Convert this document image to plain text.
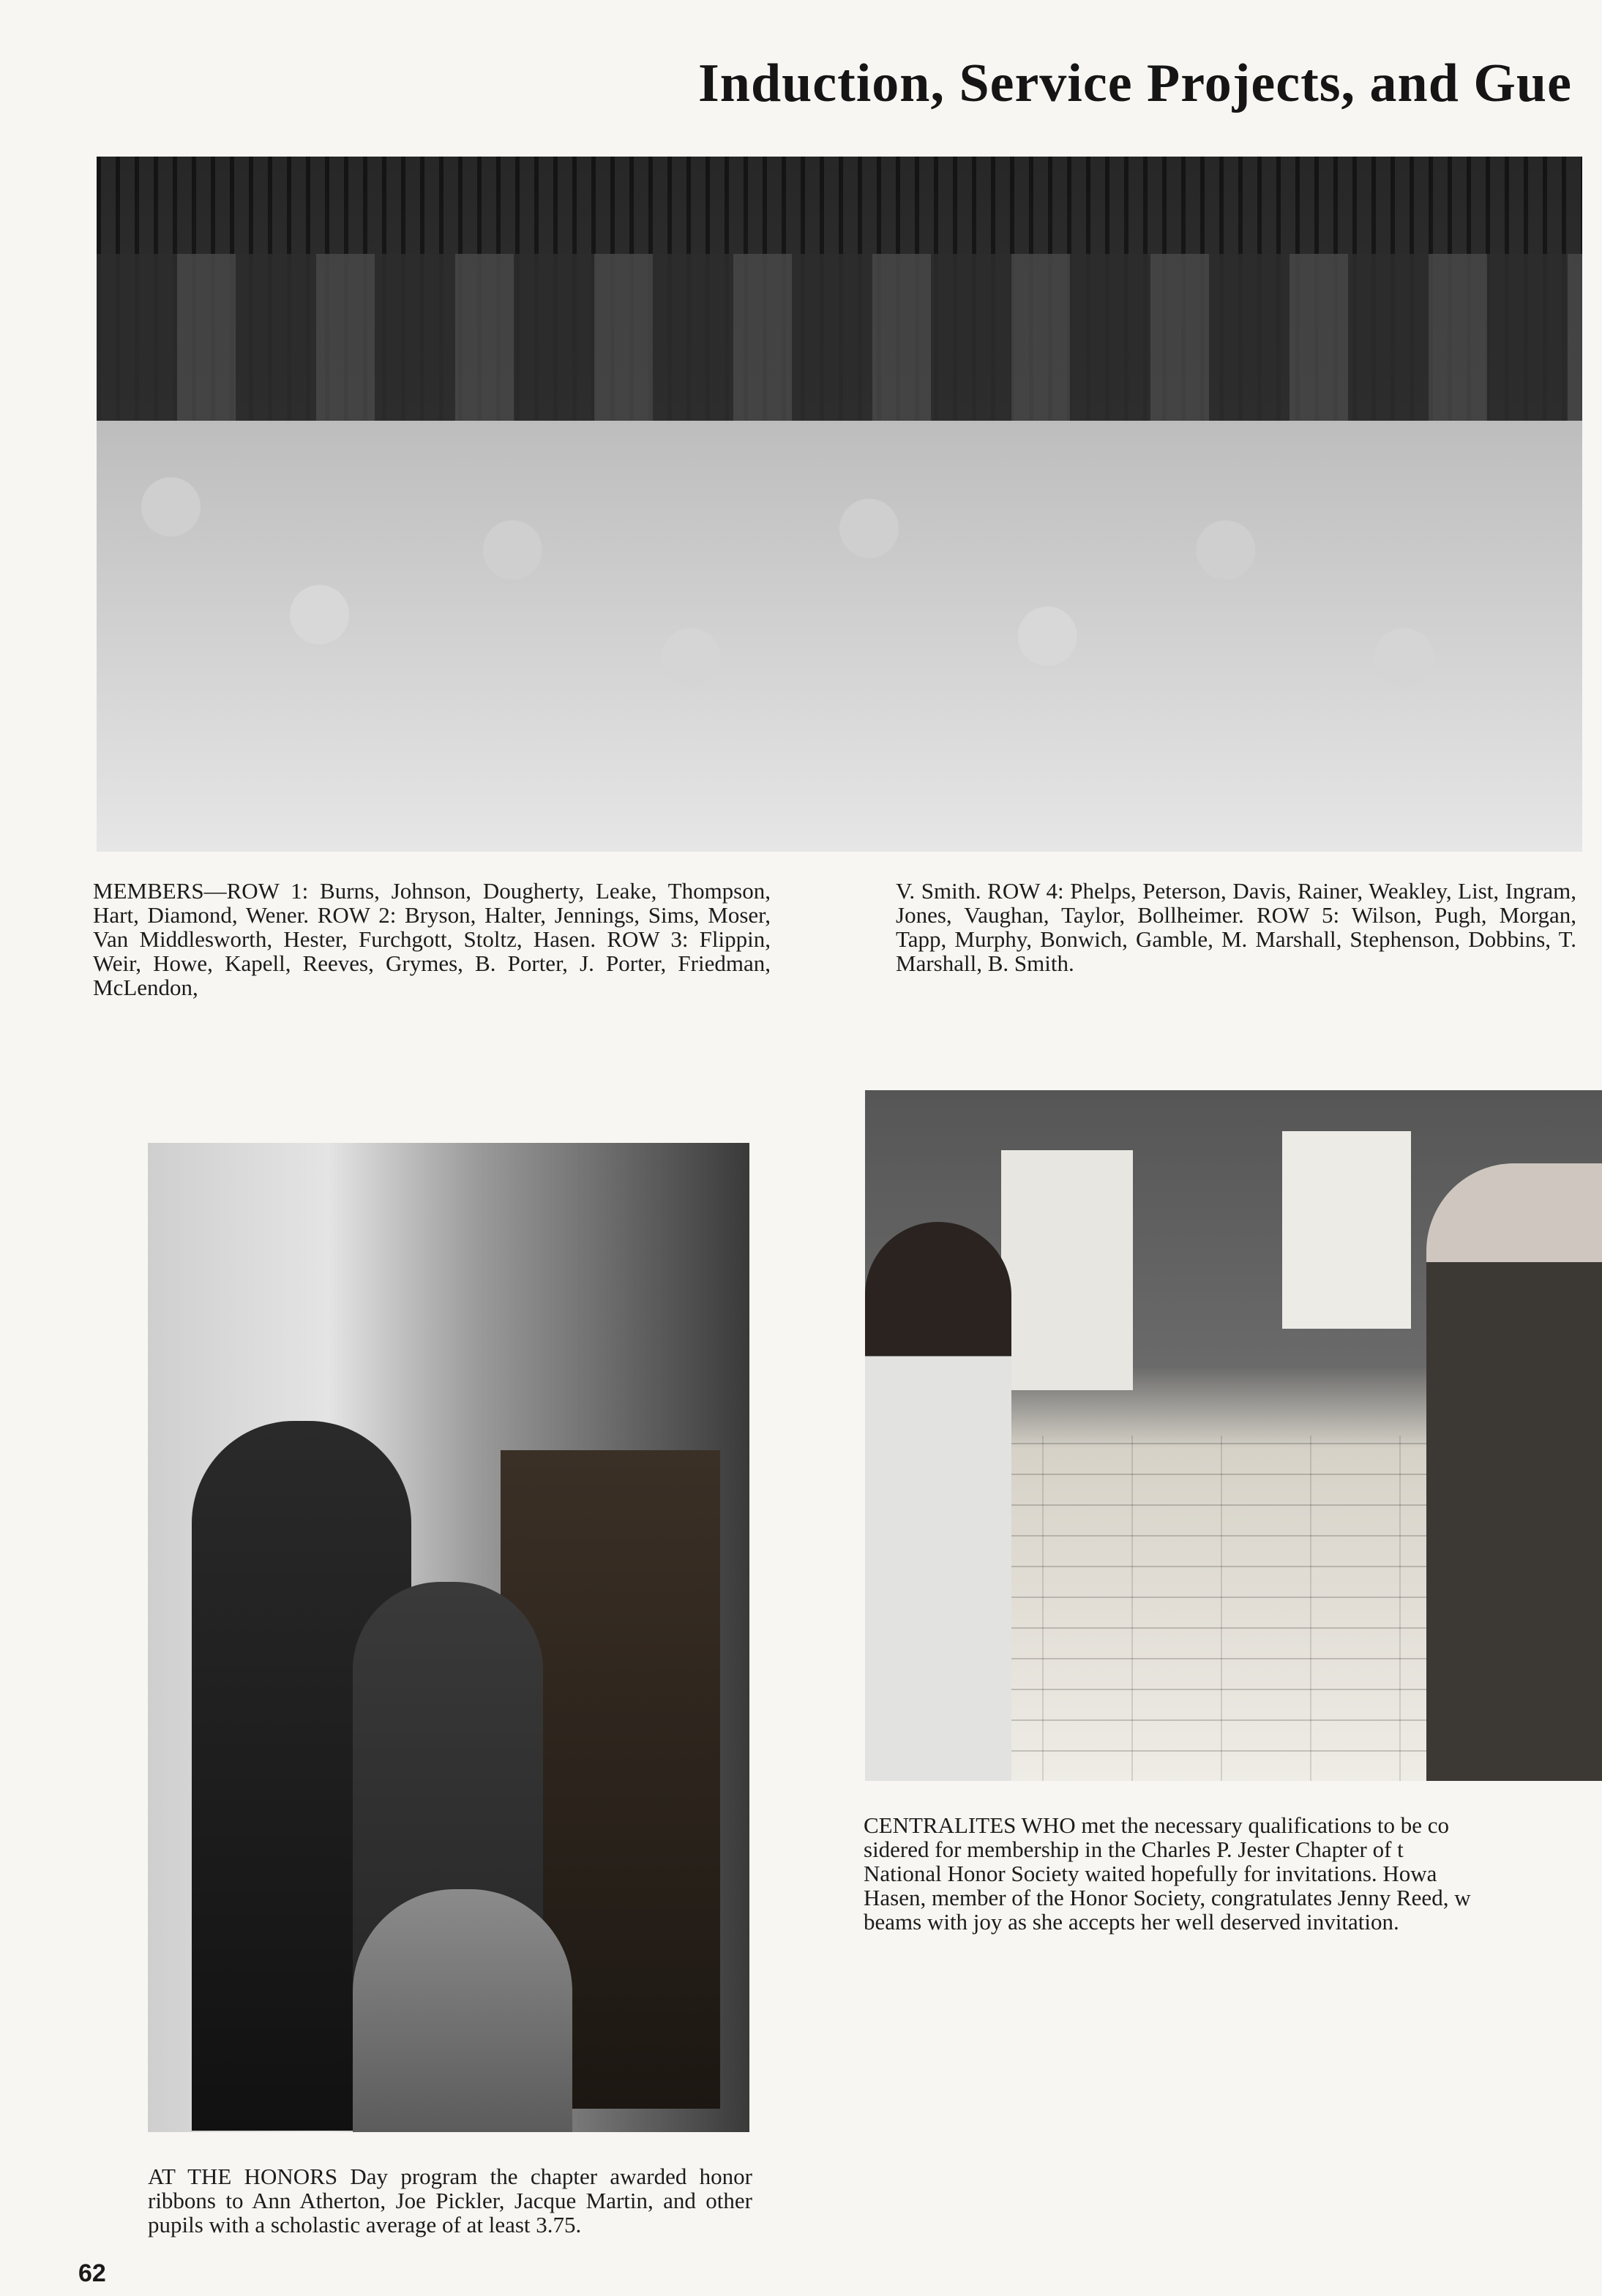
Induction, Service Projects, and Gue
MEMBERS—ROW 1: Burns, Johnson, Dougherty, Leake, Thompson, Hart, Diamond, Wener. ROW 2: Bryson, Halter, Jennings, Sims, Moser, Van Middlesworth, Hester, Furchgott, Stoltz, Hasen. ROW 3: Flippin, Weir, Howe, Kapell, Reeves, Grymes, B. Porter, J. Porter, Friedman, McLendon,
V. Smith. ROW 4: Phelps, Peterson, Davis, Rainer, Weakley, List, Ingram, Jones, Vaughan, Taylor, Bollheimer. ROW 5: Wilson, Pugh, Morgan, Tapp, Murphy, Bonwich, Gamble, M. Marshall, Stephenson, Dobbins, T. Marshall, B. Smith.
CENTRALITES WHO met the necessary qualifications to be co
sidered for membership in the Charles P. Jester Chapter of t
National Honor Society waited hopefully for invitations. Howa
Hasen, member of the Honor Society, congratulates Jenny Reed, w
beams with joy as she accepts her well deserved invitation.
AT THE HONORS Day program the chapter awarded honor ribbons to Ann Atherton, Joe Pickler, Jacque Martin, and other pupils with a scholastic average of at least 3.75.
62
